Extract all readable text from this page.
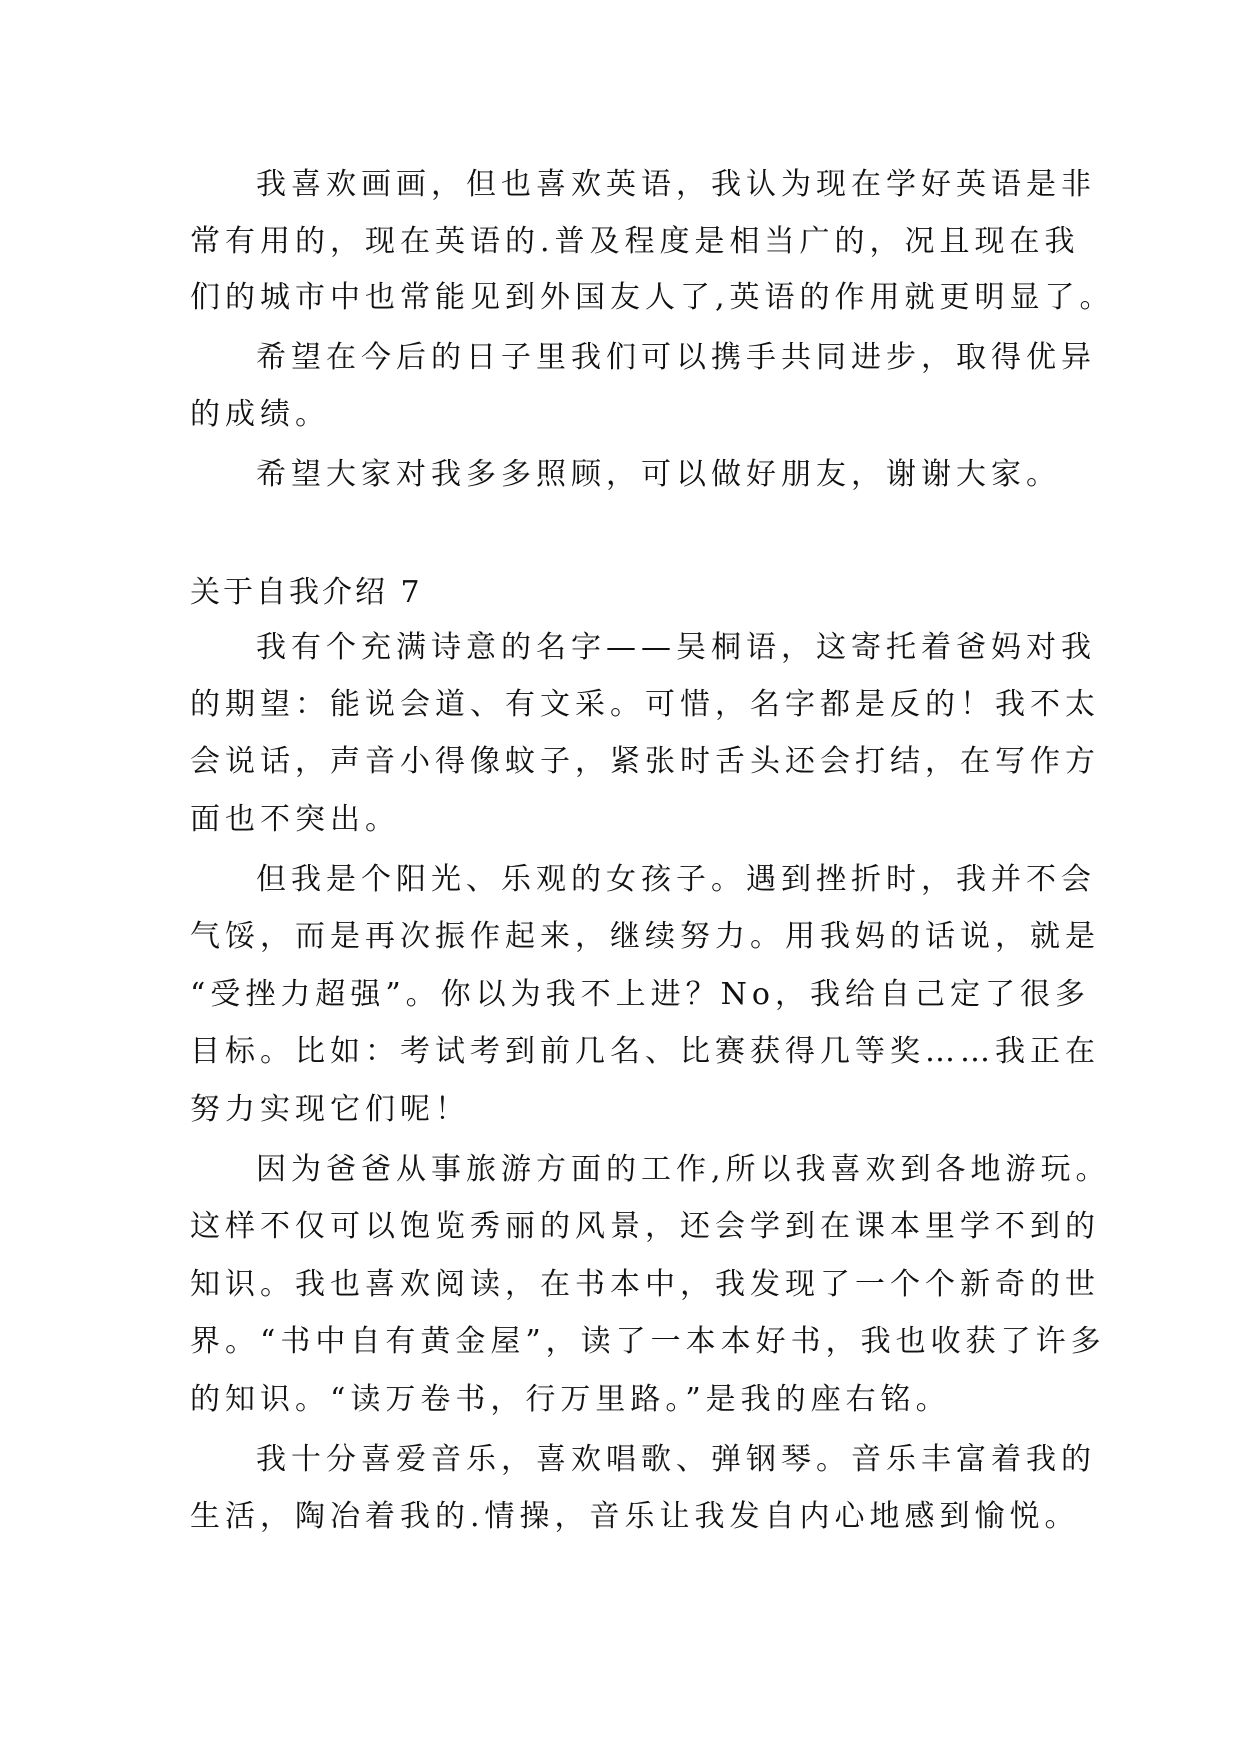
我喜欢画画，但也喜欢英语，我认为现在学好英语是非
常有用的，现在英语的.普及程度是相当广的，况且现在我
们的城市中也常能见到外国友人了,英语的作用就更明显了。
希望在今后的日子里我们可以携手共同进步，取得优异
的成绩。
希望大家对我多多照顾，可以做好朋友，谢谢大家。
关于自我介绍 7
我有个充满诗意的名字——吴桐语，这寄托着爸妈对我
的期望：能说会道、有文采。可惜，名字都是反的！我不太
会说话，声音小得像蚊子，紧张时舌头还会打结，在写作方
面也不突出。
但我是个阳光、乐观的女孩子。遇到挫折时，我并不会
气馁，而是再次振作起来，继续努力。用我妈的话说，就是
“受挫力超强”。你以为我不上进？No，我给自己定了很多
目标。比如：考试考到前几名、比赛获得几等奖……我正在
努力实现它们呢！
因为爸爸从事旅游方面的工作,所以我喜欢到各地游玩。
这样不仅可以饱览秀丽的风景，还会学到在课本里学不到的
知识。我也喜欢阅读，在书本中，我发现了一个个新奇的世
界。“书中自有黄金屋”，读了一本本好书，我也收获了许多
的知识。“读万卷书，行万里路。”是我的座右铭。
我十分喜爱音乐，喜欢唱歌、弹钢琴。音乐丰富着我的
生活，陶冶着我的.情操，音乐让我发自内心地感到愉悦。
